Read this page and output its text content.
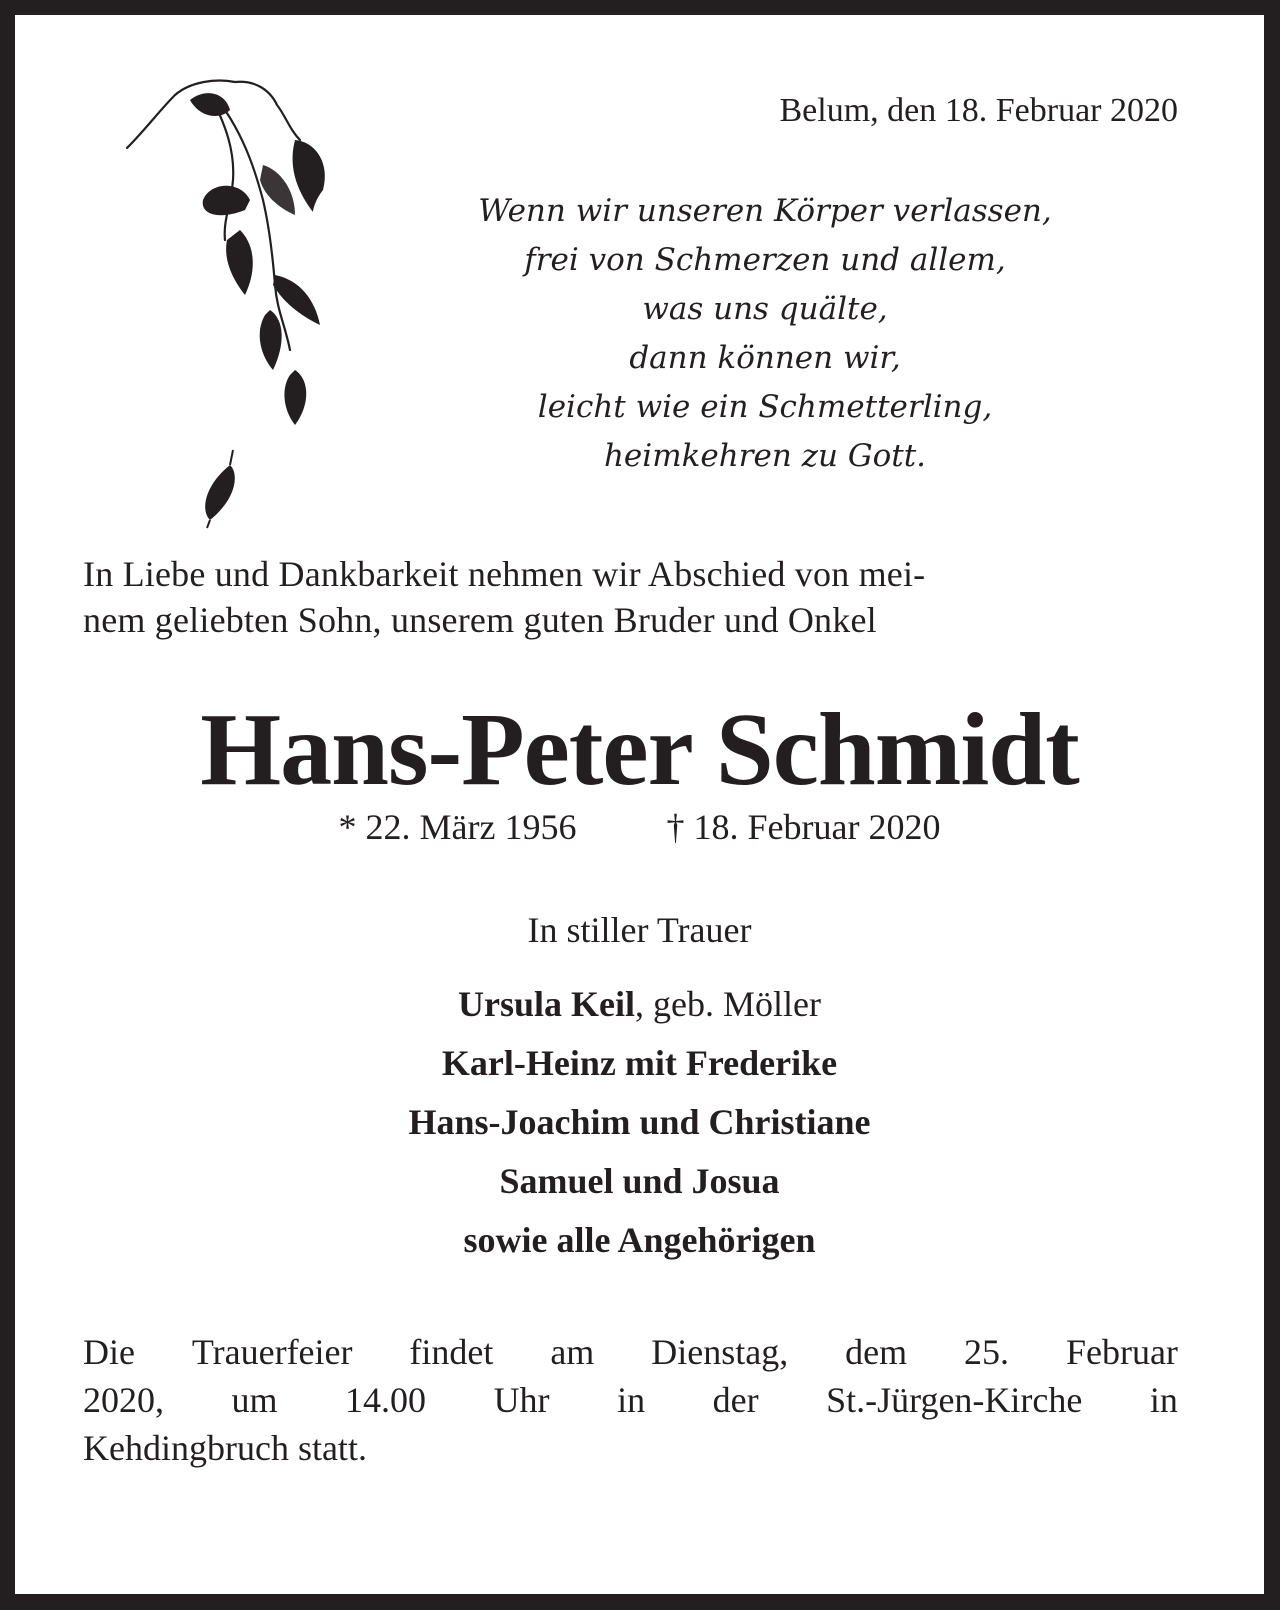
Belum, den 18. Februar 2020
Wenn wir unseren Körper verlassen,
frei von Schmerzen und allem,
was uns quälte,
dann können wir,
leicht wie ein Schmetterling,
heimkehren zu Gott.
In Liebe und Dankbarkeit nehmen wir Abschied von mei-
nem geliebten Sohn, unserem guten Bruder und Onkel
Hans-Peter Schmidt
* 22. März 1956	† 18. Februar 2020
In stiller Trauer
Ursula Keil, geb. Möller
Karl-Heinz mit Frederike
Hans-Joachim und Christiane
Samuel und Josua
sowie alle Angehörigen
Die Trauerfeier findet am Dienstag, dem 25. Februar
2020, um 14.00 Uhr in der St.-Jürgen-Kirche in
Kehdingbruch statt.
